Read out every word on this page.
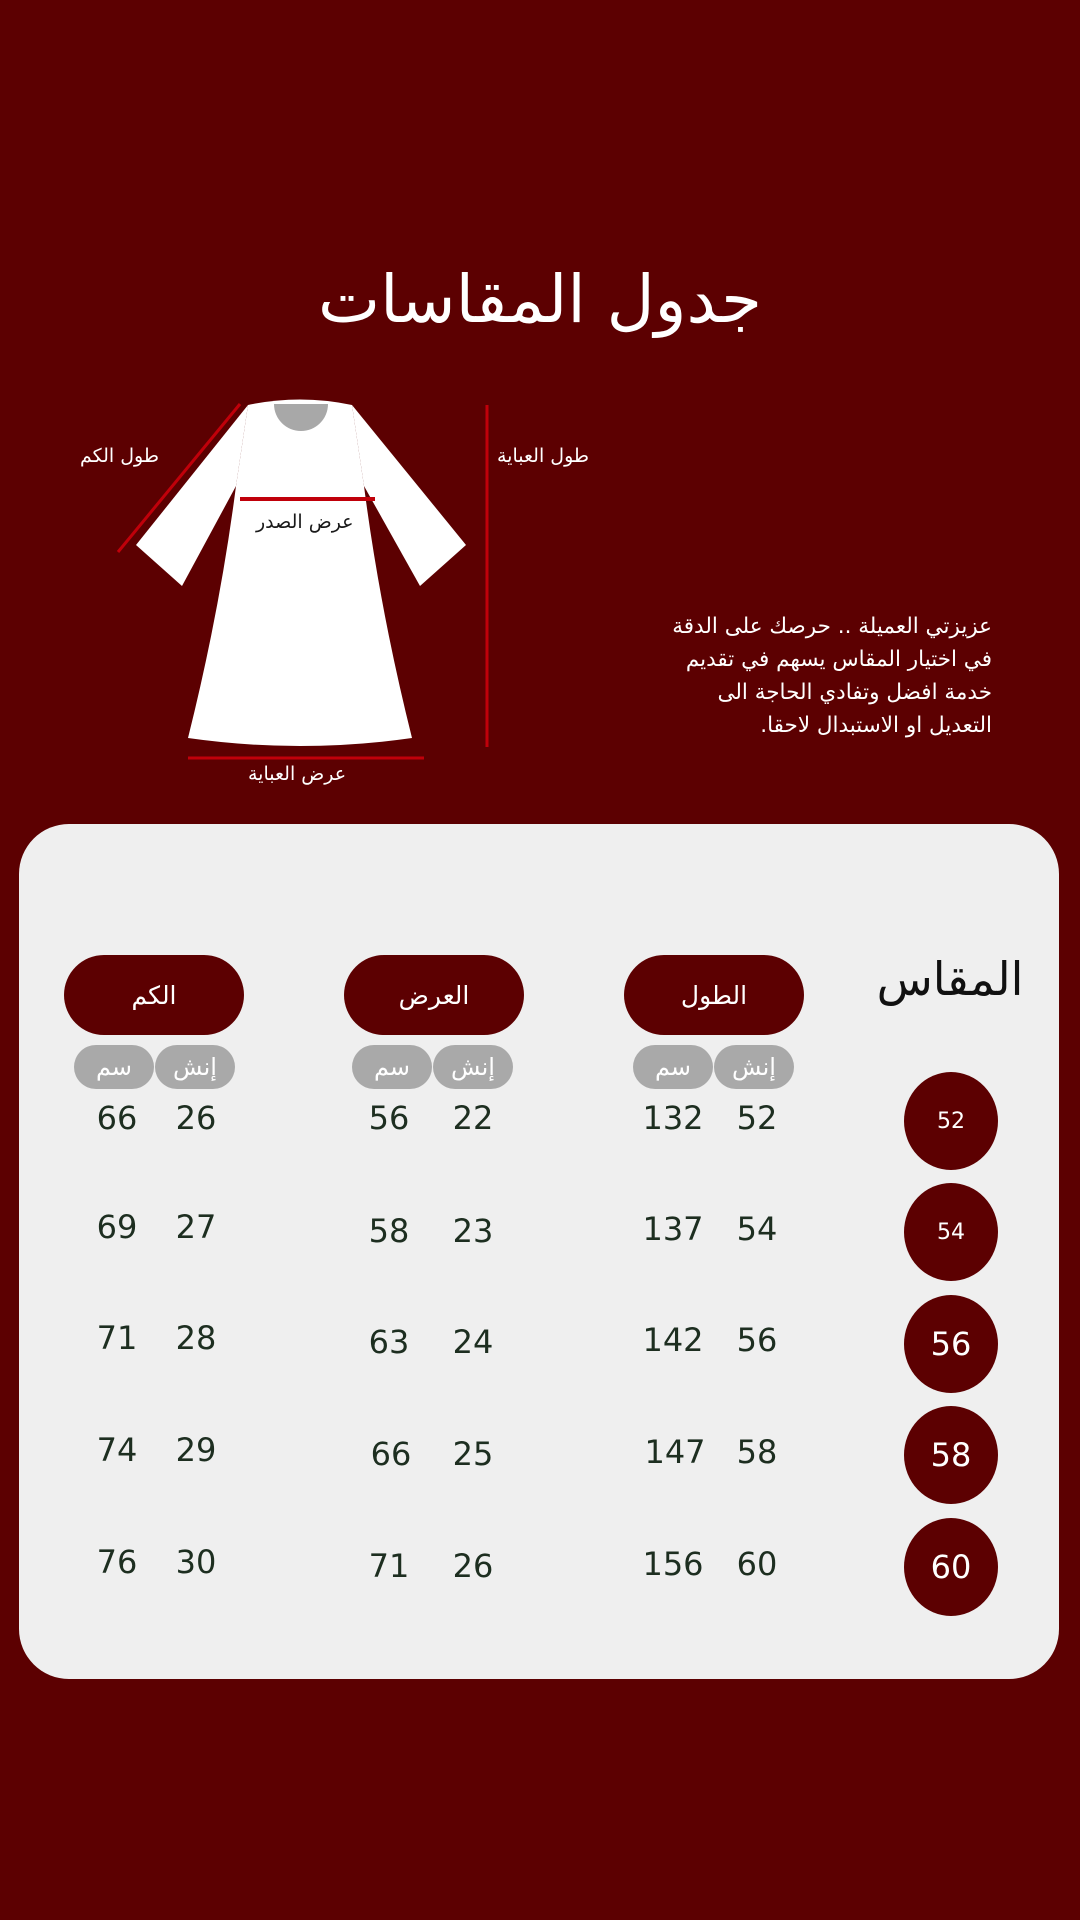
جدول المقاسات
طول الكم	طول العباية
عرض الصدر
عرض العباية
عزيزتي العميلة .. حرصك على الدقة
في اختيار المقاس يسهم في تقديم
خدمة افضل وتفادي الحاجة الى
التعديل او الاستبدال لاحقا.
المقاس
الطول
العرض
الكم
إنش
سم
إنش
سم
إنش
سم
52
52
132
22
56
26
66
54
54
137
23
58
27
69
56
56
142
24
63
28
71
58
58
147
25
66
29
74
60
60
156
26
71
30
76
